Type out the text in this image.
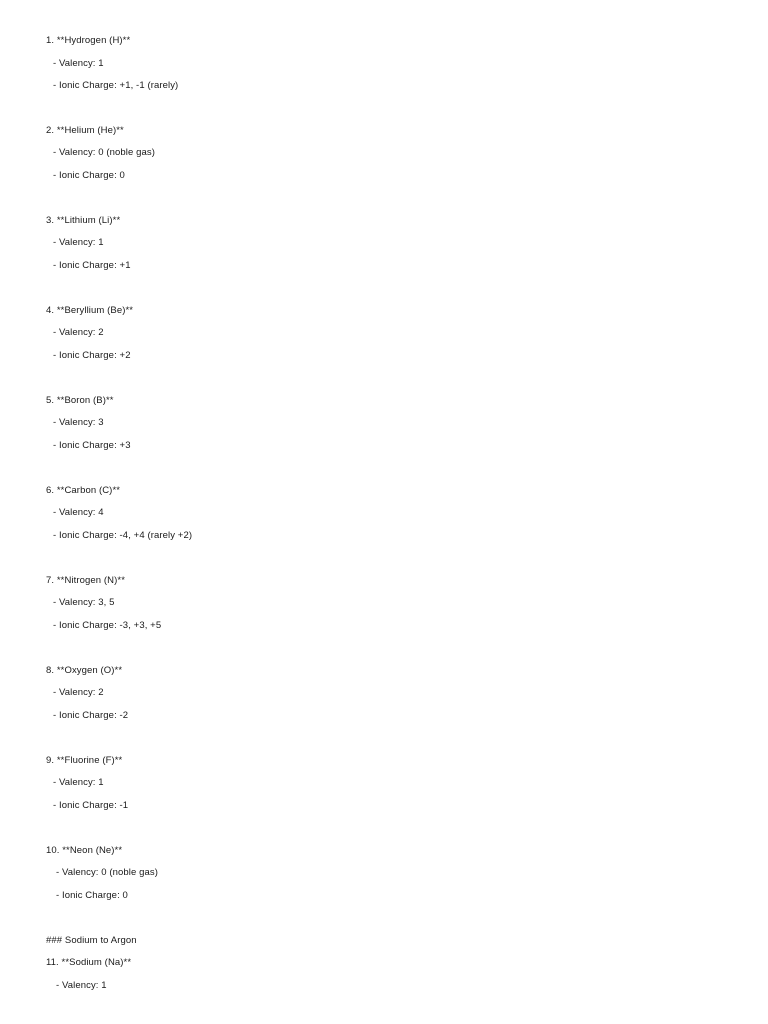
1. **Hydrogen (H)**
- Valency: 1
- Ionic Charge: +1, -1 (rarely)
2. **Helium (He)**
- Valency: 0 (noble gas)
- Ionic Charge: 0
3. **Lithium (Li)**
- Valency: 1
- Ionic Charge: +1
4. **Beryllium (Be)**
- Valency: 2
- Ionic Charge: +2
5. **Boron (B)**
- Valency: 3
- Ionic Charge: +3
6. **Carbon (C)**
- Valency: 4
- Ionic Charge: -4, +4 (rarely +2)
7. **Nitrogen (N)**
- Valency: 3, 5
- Ionic Charge: -3, +3, +5
8. **Oxygen (O)**
- Valency: 2
- Ionic Charge: -2
9. **Fluorine (F)**
- Valency: 1
- Ionic Charge: -1
10. **Neon (Ne)**
- Valency: 0 (noble gas)
- Ionic Charge: 0
### Sodium to Argon
11. **Sodium (Na)**
- Valency: 1
